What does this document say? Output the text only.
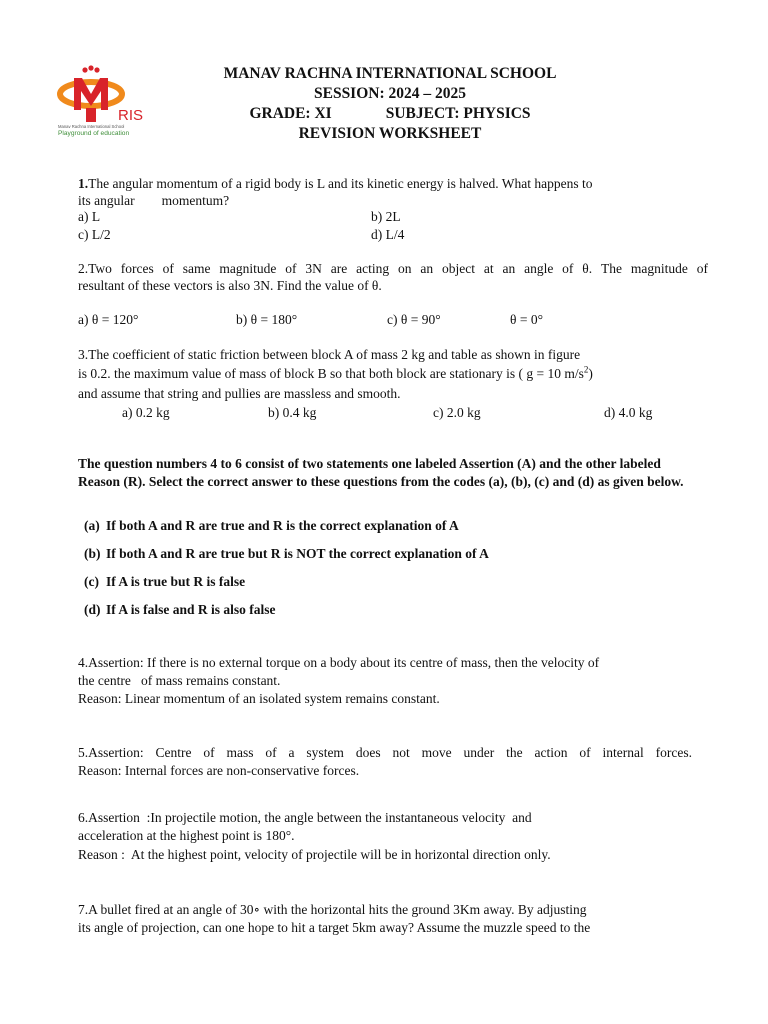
RIS
Manav Rachna International School
Playground of education
MANAV RACHNA INTERNATIONAL SCHOOL
SESSION: 2024 – 2025
GRADE: XI	SUBJECT: PHYSICS
REVISION WORKSHEET
1.The angular momentum of a rigid body is L and its kinetic energy is halved. What happens to
its angular        momentum?
a) L	b) 2L
c) L/2	d) L/4
2.Two forces of same magnitude of 3N are acting on an object at an angle of θ. The magnitude of
resultant of these vectors is also 3N. Find the value of θ.
a) θ = 120°	b) θ = 180°	c) θ = 90°	θ = 0°
3.The coefficient of static friction between block A of mass 2 kg and table as shown in figure
is 0.2. the maximum value of mass of block B so that both block are stationary is ( g = 10 $m/s^2$)
and assume that string and pullies are massless and smooth.
a) 0.2 kg	b) 0.4 kg	c) 2.0 kg	d) 4.0 kg
The question numbers 4 to 6 consist of two statements one labeled Assertion (A) and the other labeled Reason (R). Select the correct answer to these questions from the codes (a), (b), (c) and (d) as given below.
(a) If both A and R are true and R is the correct explanation of A
(b) If both A and R are true but R is NOT the correct explanation of A
(c) If A is true but R is false
(d) If A is false and R is also false
4.Assertion: If there is no external torque on a body about its centre of mass, then the velocity of
the centre   of mass remains constant.
Reason: Linear momentum of an isolated system remains constant.
5.Assertion: Centre of mass of a system does not move under the action of internal forces.
Reason: Internal forces are non-conservative forces.
6.Assertion  :In projectile motion, the angle between the instantaneous velocity  and
acceleration at the highest point is 180°.
Reason :  At the highest point, velocity of projectile will be in horizontal direction only.
7.A bullet fired at an angle of 30∘ with the horizontal hits the ground 3Km away. By adjusting
its angle of projection, can one hope to hit a target 5km away? Assume the muzzle speed to the
